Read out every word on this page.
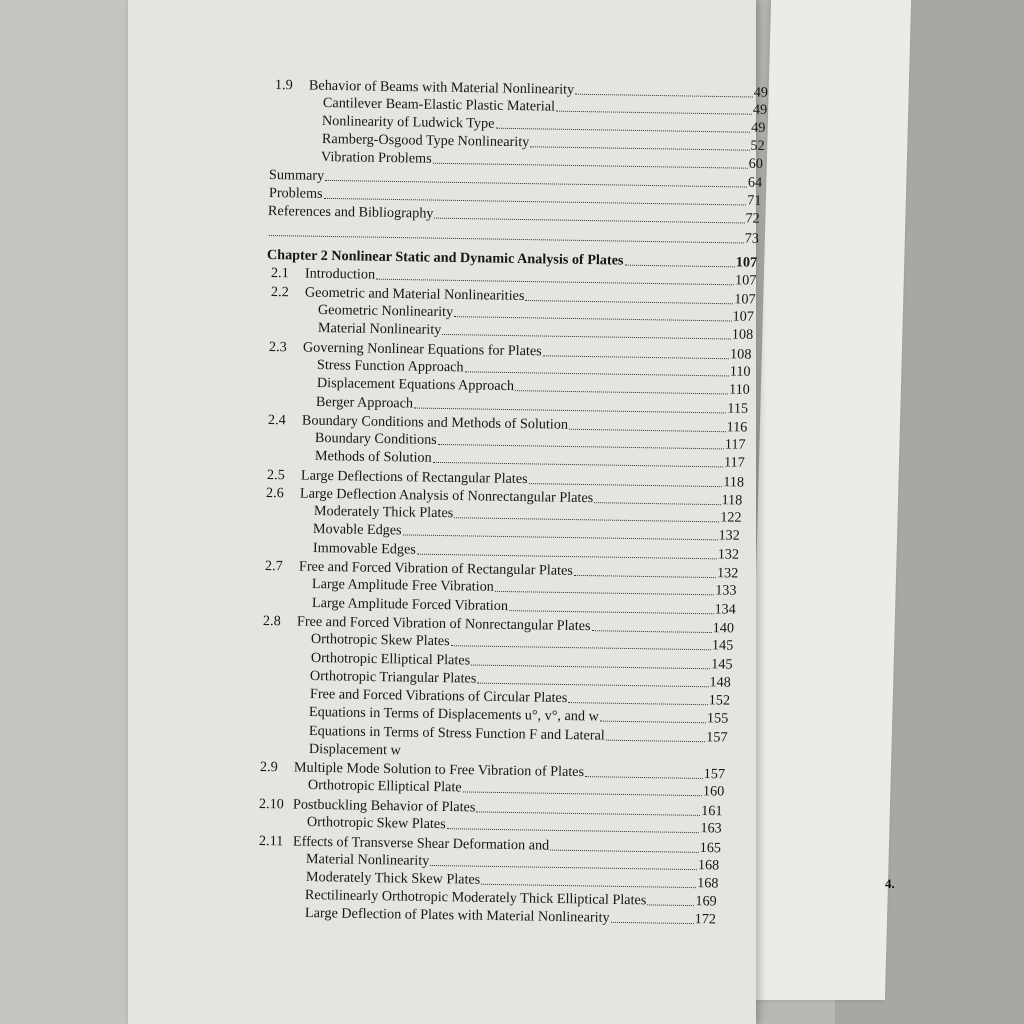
4.
1.9	Behavior of Beams with Material Nonlinearity	49
Cantilever Beam-Elastic Plastic Material	49
Nonlinearity of Ludwick Type	49
Ramberg-Osgood Type Nonlinearity	52
Vibration Problems	60
Summary	64
Problems	71
References and Bibliography	72
73
Chapter 2 Nonlinear Static and Dynamic Analysis of Plates	107
2.1	Introduction	107
2.2	Geometric and Material Nonlinearities	107
Geometric Nonlinearity	107
Material Nonlinearity	108
2.3	Governing Nonlinear Equations for Plates	108
Stress Function Approach	110
Displacement Equations Approach	110
Berger Approach	115
2.4	Boundary Conditions and Methods of Solution	116
Boundary Conditions	117
Methods of Solution	117
2.5	Large Deflections of Rectangular Plates	118
2.6	Large Deflection Analysis of Nonrectangular Plates	118
Moderately Thick Plates	122
Movable Edges	132
Immovable Edges	132
2.7	Free and Forced Vibration of Rectangular Plates	132
Large Amplitude Free Vibration	133
Large Amplitude Forced Vibration	134
2.8	Free and Forced Vibration of Nonrectangular Plates	140
Orthotropic Skew Plates	145
Orthotropic Elliptical Plates	145
Orthotropic Triangular Plates	148
Free and Forced Vibrations of Circular Plates	152
Equations in Terms of Displacements u°, v°, and w	155
Equations in Terms of Stress Function F and Lateral	157
Displacement w
2.9	Multiple Mode Solution to Free Vibration of Plates	157
Orthotropic Elliptical Plate	160
2.10 Postbuckling Behavior of Plates	161
Orthotropic Skew Plates	163
2.11 Effects of Transverse Shear Deformation and	165
Material Nonlinearity	168
Moderately Thick Skew Plates	168
Rectilinearly Orthotropic Moderately Thick Elliptical Plates	169
Large Deflection of Plates with Material Nonlinearity	172
